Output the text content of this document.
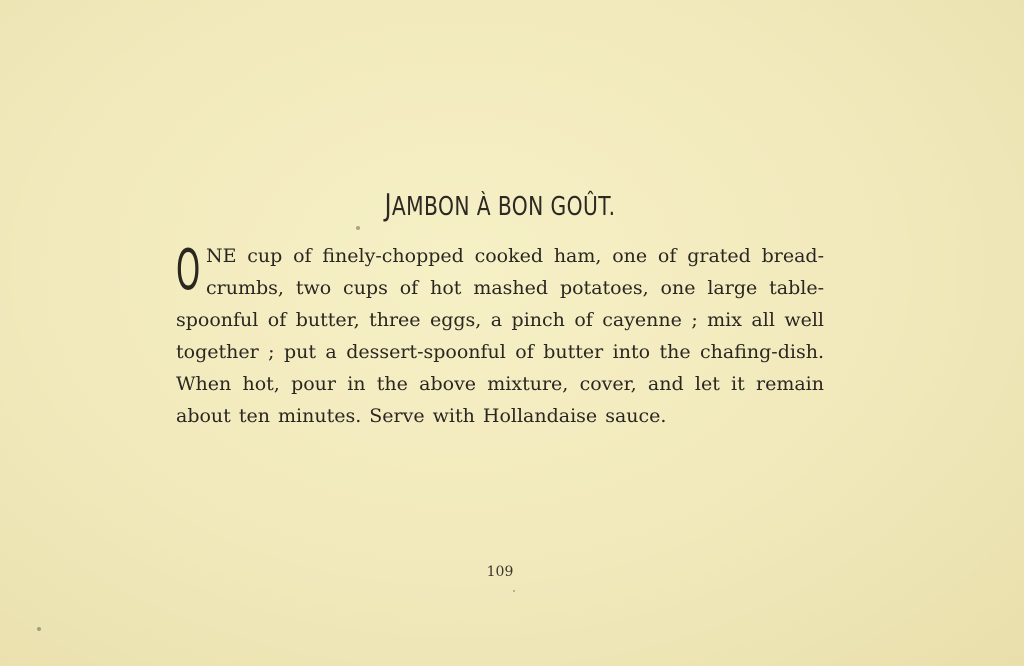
JAMBON À BON GOÛT.
O NE cup of finely-chopped cooked ham, one of grated bread-
crumbs, two cups of hot mashed potatoes, one large table-
spoonful of butter, three eggs, a pinch of cayenne ; mix all well
together ; put a dessert-spoonful of butter into the chafing-dish.
When hot, pour in the above mixture, cover, and let it remain
about ten minutes. Serve with Hollandaise sauce.
109
